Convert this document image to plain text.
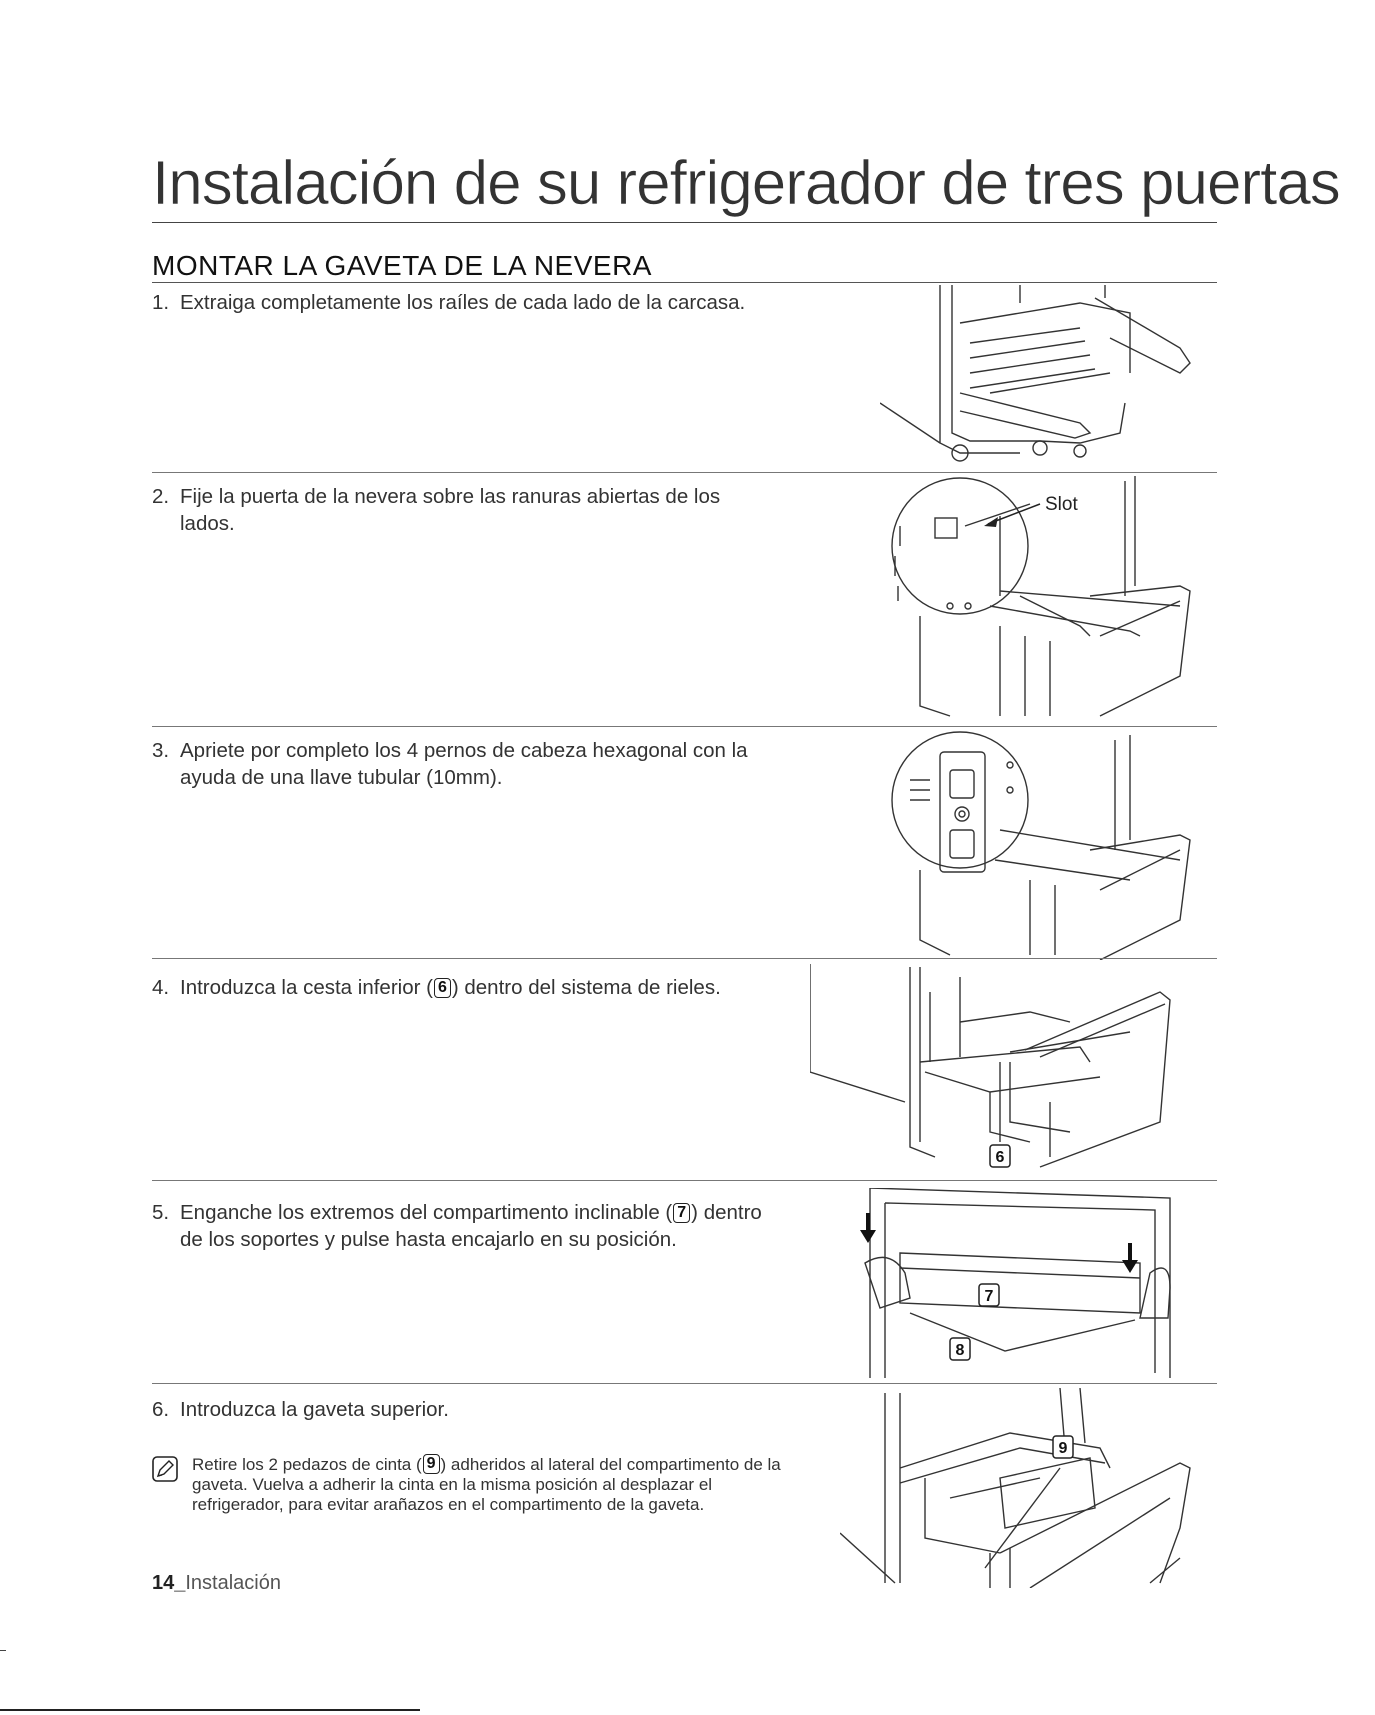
Instalación de su refrigerador de tres puertas
MONTAR LA GAVETA DE LA NEVERA
1. Extraiga completamente los raíles de cada lado de la carcasa.
2. Fije la puerta de la nevera sobre las ranuras abiertas de los
lados.
Slot
3. Apriete por completo los 4 pernos de cabeza hexagonal con la
ayuda de una llave tubular (10mm).
4. Introduzca la cesta inferior ( 6 ) dentro del sistema de rieles.
6
5. Enganche los extremos del compartimento inclinable ( 7 ) dentro
de los soportes y pulse hasta encajarlo en su posición.
7
8
6. Introduzca la gaveta superior.
9
Retire los 2 pedazos de cinta ( 9 ) adheridos al lateral del compartimento de la gaveta. Vuelva a adherir la cinta en la misma posición al desplazar el refrigerador, para evitar arañazos en el compartimento de la gaveta.
14_Instalación
